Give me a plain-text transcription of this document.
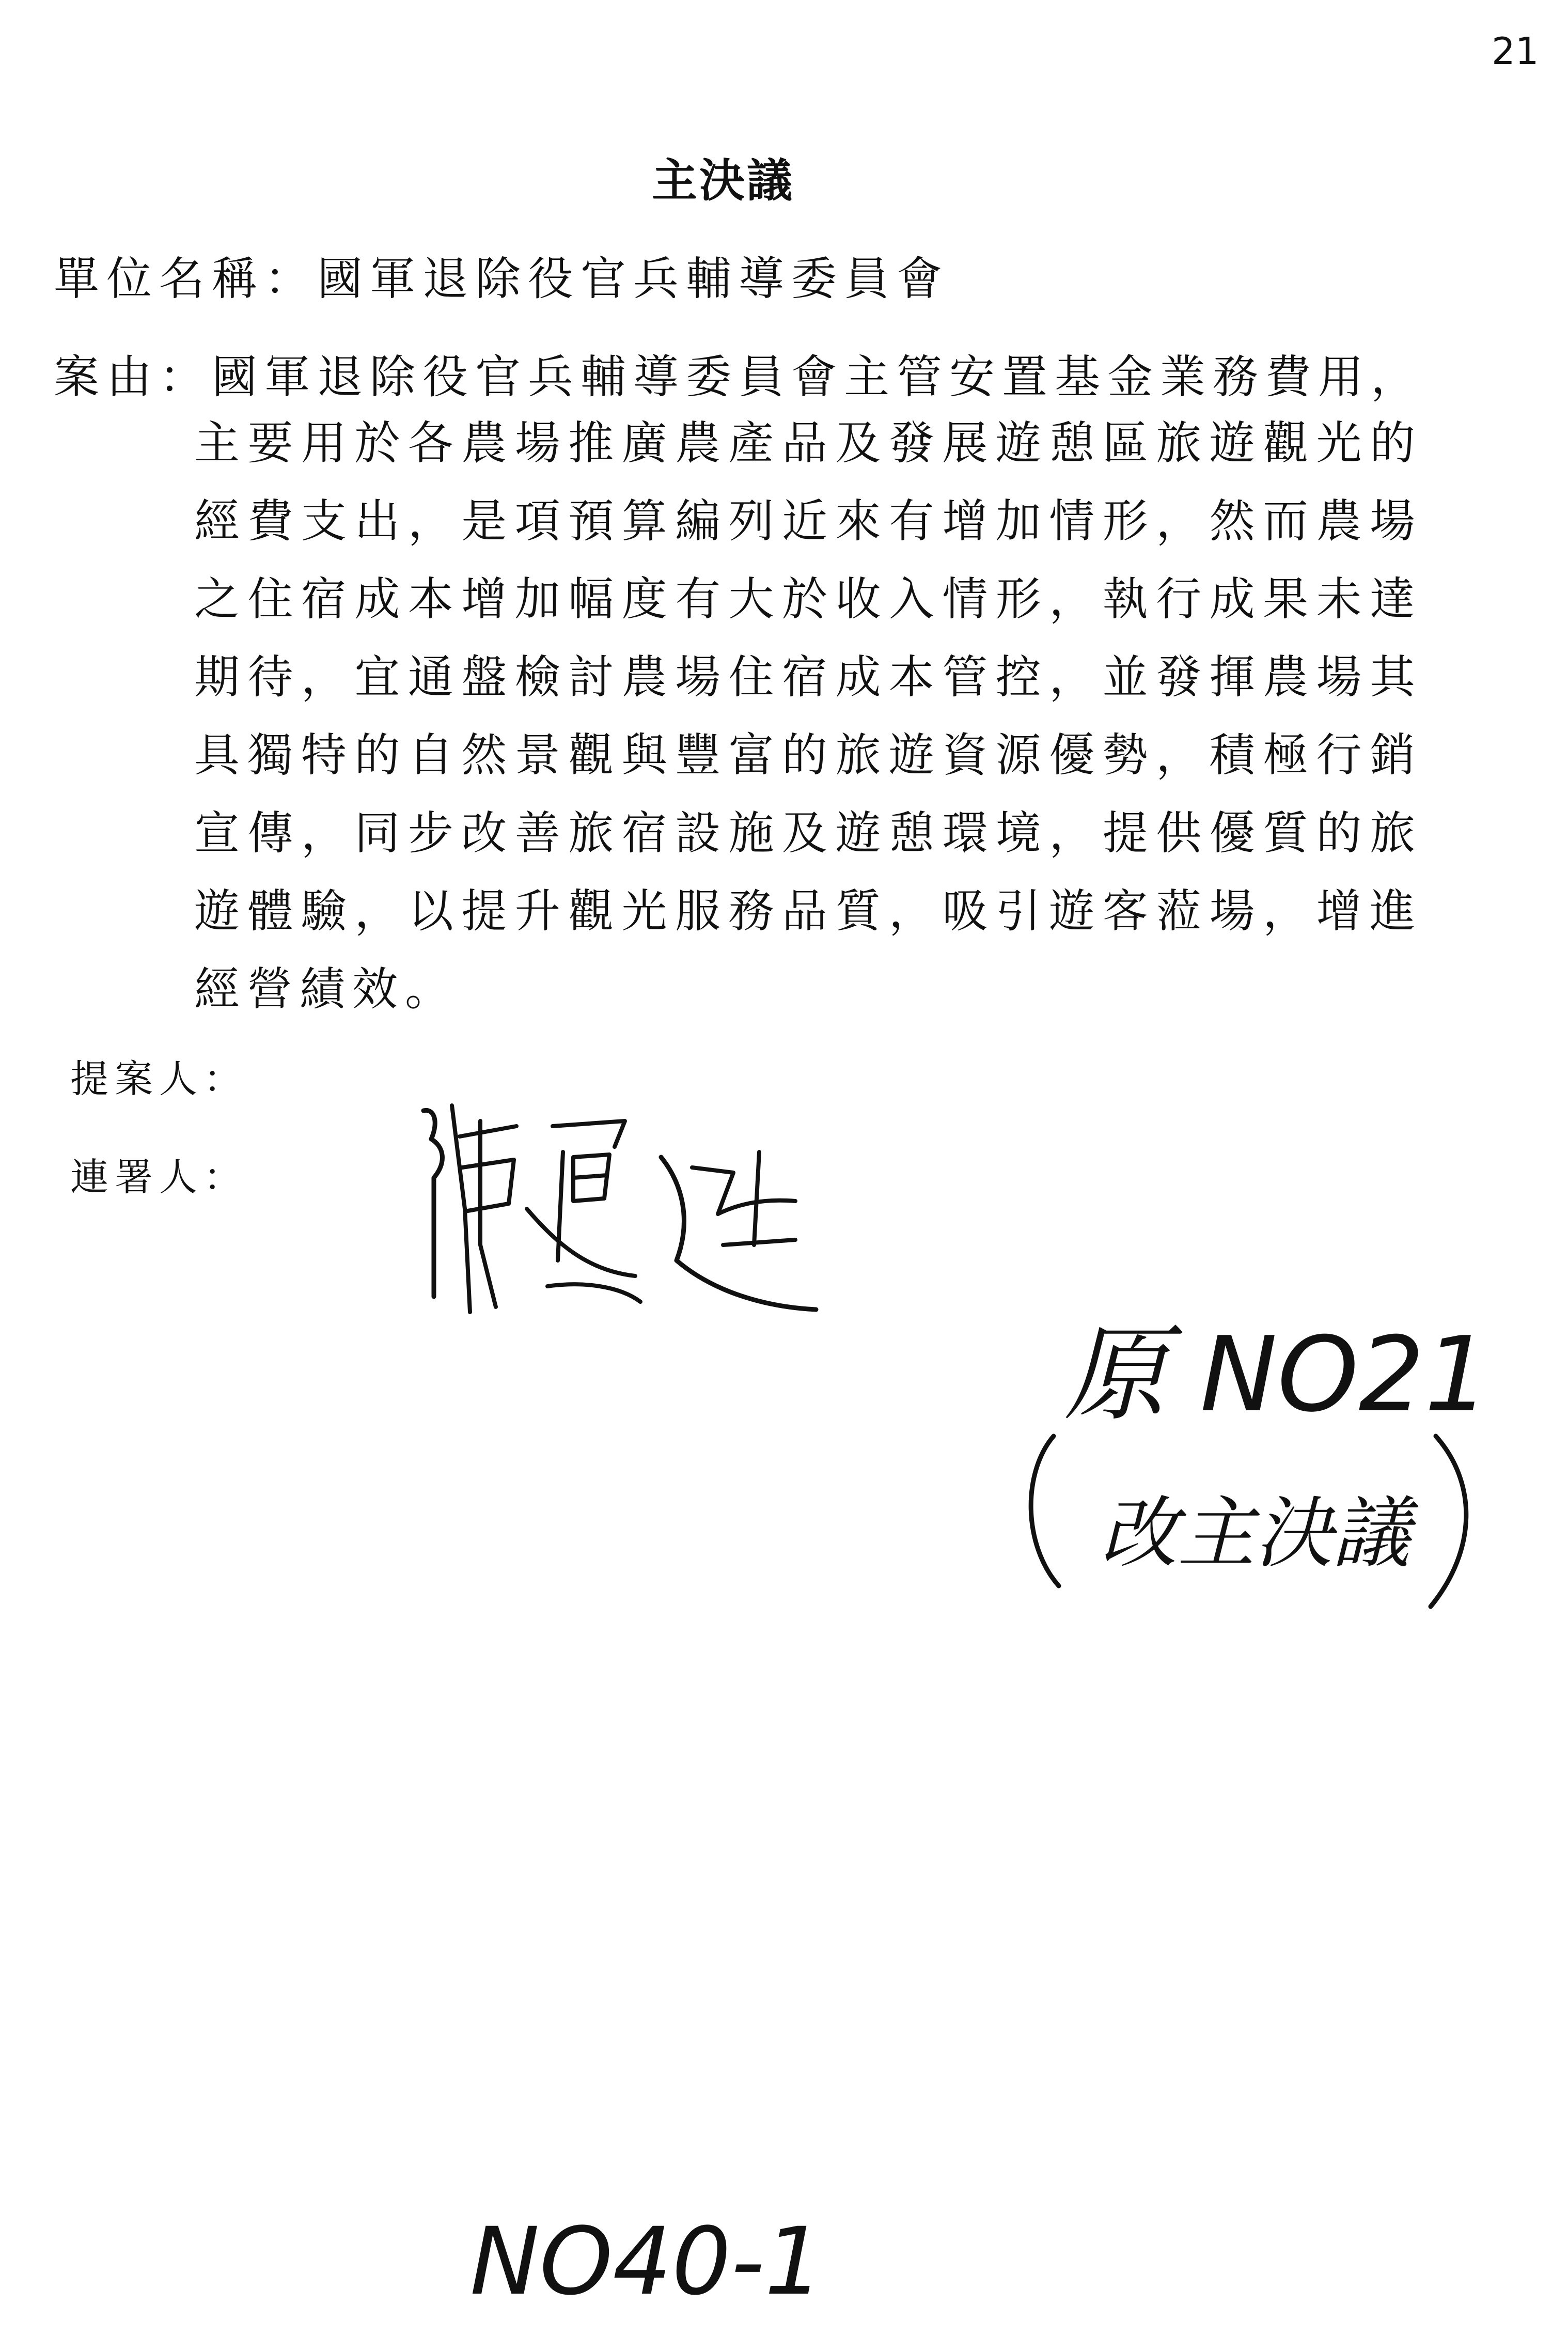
21
主決議
單位名稱：國軍退除役官兵輔導委員會
案由：國軍退除役官兵輔導委員會主管安置基金業務費用，

主要用於各農場推廣農產品及發展遊憩區旅遊觀光的經費支出，是項預算編列近來有增加情形，然而農場之住宿成本增加幅度有大於收入情形，執行成果未達期待，宜通盤檢討農場住宿成本管控，並發揮農場其具獨特的自然景觀與豐富的旅遊資源優勢，積極行銷宣傳，同步改善旅宿設施及遊憩環境，提供優質的旅遊體驗，以提升觀光服務品質，吸引遊客蒞場，增進經營績效。

提案人：
連署人：
原 NO21
改主決議
NO40-1
